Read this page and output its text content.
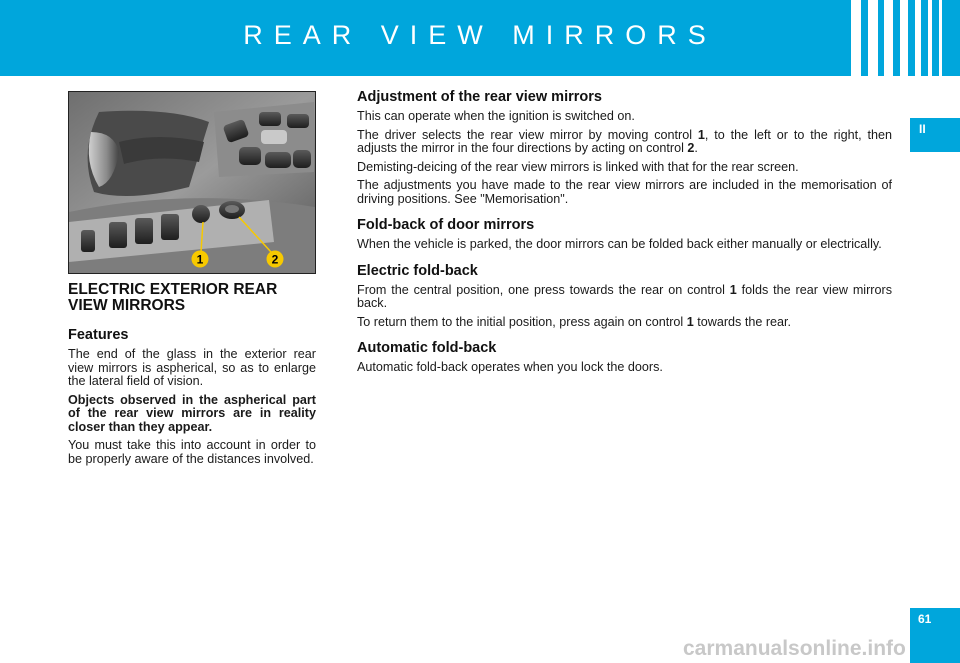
REAR VIEW MIRRORS
II
61
1	2
ELECTRIC EXTERIOR REAR VIEW MIRRORS
Features

The end of the glass in the exterior rear view mirrors is aspherical, so as to enlarge the lateral field of vision.

Objects observed in the aspherical part of the rear view mirrors are in reality closer than they appear.

You must take this into account in order to be properly aware of the distances involved.

Adjustment of the rear view mirrors

This can operate when the ignition is switched on.

The driver selects the rear view mirror by moving control 1, to the left or to the right, then adjusts the mirror in the four directions by acting on control 2.

Demisting-deicing of the rear view mirrors is linked with that for the rear screen.

The adjustments you have made to the rear view mirrors are included in the memorisation of driving positions. See "Memorisation".

Fold-back of door mirrors

When the vehicle is parked, the door mirrors can be folded back either manually or electrically.

Electric fold-back

From the central position, one press towards the rear on control 1 folds the rear view mirrors back.

To return them to the initial position, press again on control 1 towards the rear.

Automatic fold-back

Automatic fold-back operates when you lock the doors.

carmanualsonline.info
